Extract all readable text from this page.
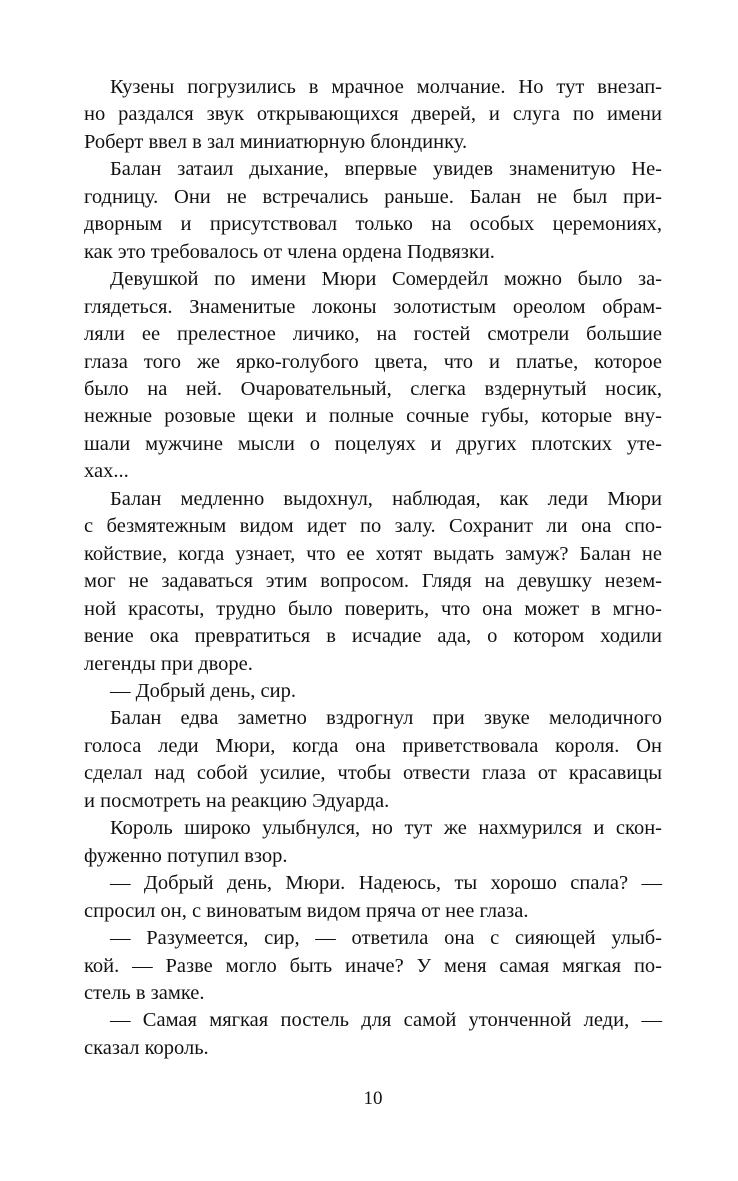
Кузены погрузились в мрачное молчание. Но тут внезап-
но раздался звук открывающихся дверей, и слуга по имени
Роберт ввел в зал миниатюрную блондинку.

Балан затаил дыхание, впервые увидев знаменитую Не-
годницу. Они не встречались раньше. Балан не был при-
дворным и присутствовал только на особых церемониях,
как это требовалось от члена ордена Подвязки.

Девушкой по имени Мюри Сомердейл можно было за-
глядеться. Знаменитые локоны золотистым ореолом обрам-
ляли ее прелестное личико, на гостей смотрели большие
глаза того же ярко-голубого цвета, что и платье, которое
было на ней. Очаровательный, слегка вздернутый носик,
нежные розовые щеки и полные сочные губы, которые вну-
шали мужчине мысли о поцелуях и других плотских уте-
хах...

Балан медленно выдохнул, наблюдая, как леди Мюри
с безмятежным видом идет по залу. Сохранит ли она спо-
койствие, когда узнает, что ее хотят выдать замуж? Балан не
мог не задаваться этим вопросом. Глядя на девушку незем-
ной красоты, трудно было поверить, что она может в мгно-
вение ока превратиться в исчадие ада, о котором ходили
легенды при дворе.

— Добрый день, сир.

Балан едва заметно вздрогнул при звуке мелодичного
голоса леди Мюри, когда она приветствовала короля. Он
сделал над собой усилие, чтобы отвести глаза от красавицы
и посмотреть на реакцию Эдуарда.

Король широко улыбнулся, но тут же нахмурился и скон-
фуженно потупил взор.

— Добрый день, Мюри. Надеюсь, ты хорошо спала? —
спросил он, с виноватым видом пряча от нее глаза.

— Разумеется, сир, — ответила она с сияющей улыб-
кой. — Разве могло быть иначе? У меня самая мягкая по-
стель в замке.

— Самая мягкая постель для самой утонченной леди, —
сказал король.

10
